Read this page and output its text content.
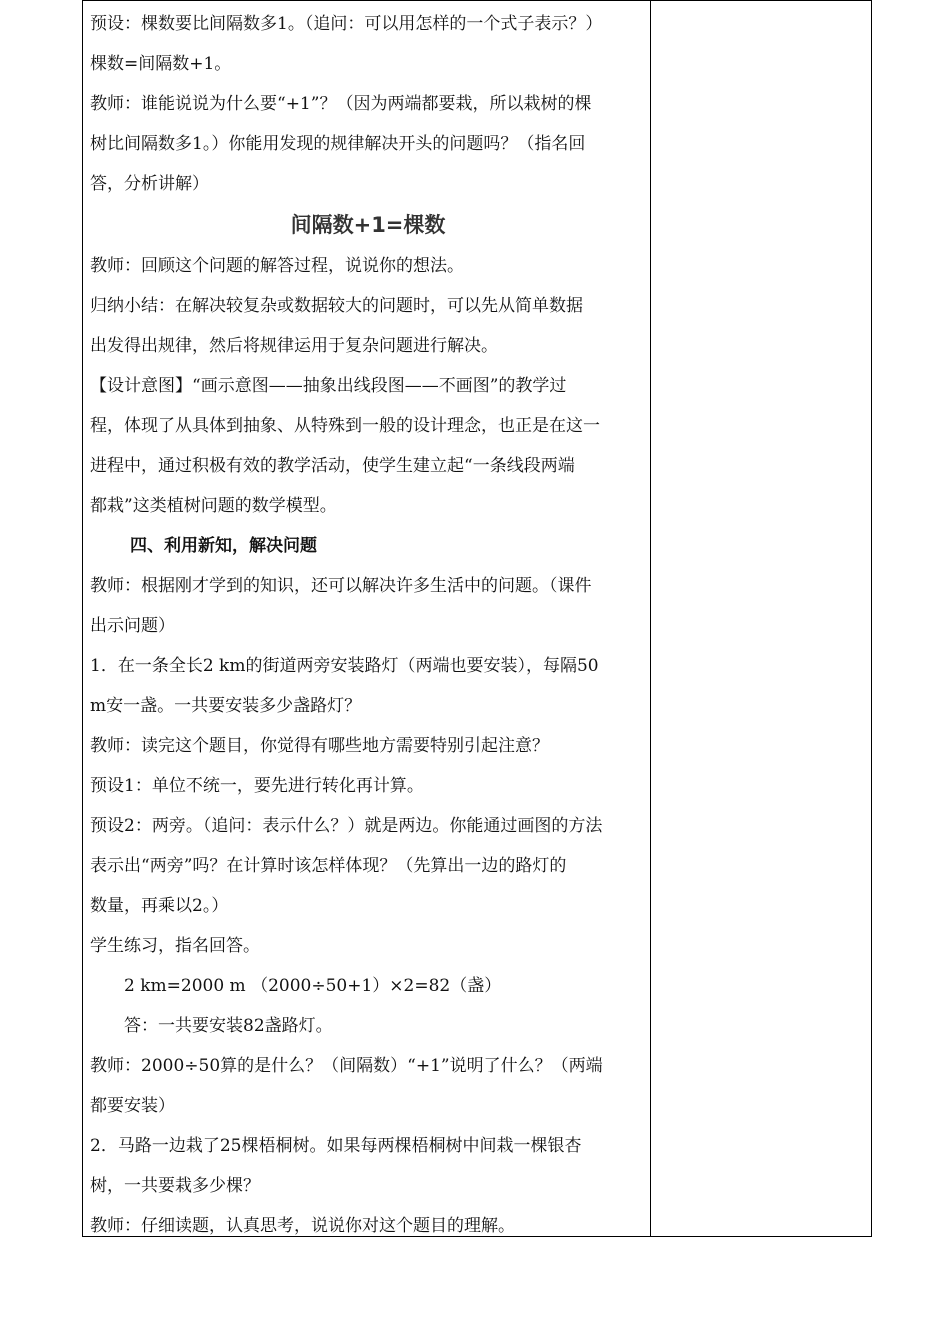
预设：棵数要比间隔数多1。（追问：可以用怎样的一个式子表示？）
棵数=间隔数+1。
教师：谁能说说为什么要“+1”？（因为两端都要栽，所以栽树的棵
树比间隔数多1。）你能用发现的规律解决开头的问题吗？（指名回
答，分析讲解）
间隔数+1=棵数
教师：回顾这个问题的解答过程，说说你的想法。
归纳小结：在解决较复杂或数据较大的问题时，可以先从简单数据
出发得出规律，然后将规律运用于复杂问题进行解决。
【设计意图】“画示意图——抽象出线段图——不画图”的教学过
程，体现了从具体到抽象、从特殊到一般的设计理念，也正是在这一
进程中，通过积极有效的教学活动，使学生建立起“一条线段两端
都栽”这类植树问题的数学模型。
四、利用新知，解决问题
教师：根据刚才学到的知识，还可以解决许多生活中的问题。（课件
出示问题）
1．在一条全长2 km的街道两旁安装路灯（两端也要安装），每隔50
m安一盏。一共要安装多少盏路灯？
教师：读完这个题目，你觉得有哪些地方需要特别引起注意？
预设1：单位不统一，要先进行转化再计算。
预设2：两旁。（追问：表示什么？）就是两边。你能通过画图的方法
表示出“两旁”吗？在计算时该怎样体现？（先算出一边的路灯的
数量，再乘以2。）
学生练习，指名回答。
2 km=2000 m （2000÷50+1）×2=82（盏）
答：一共要安装82盏路灯。
教师：2000÷50算的是什么？（间隔数）“+1”说明了什么？（两端
都要安装）
2．马路一边栽了25棵梧桐树。如果每两棵梧桐树中间栽一棵银杏
树，一共要栽多少棵？
教师：仔细读题，认真思考，说说你对这个题目的理解。
